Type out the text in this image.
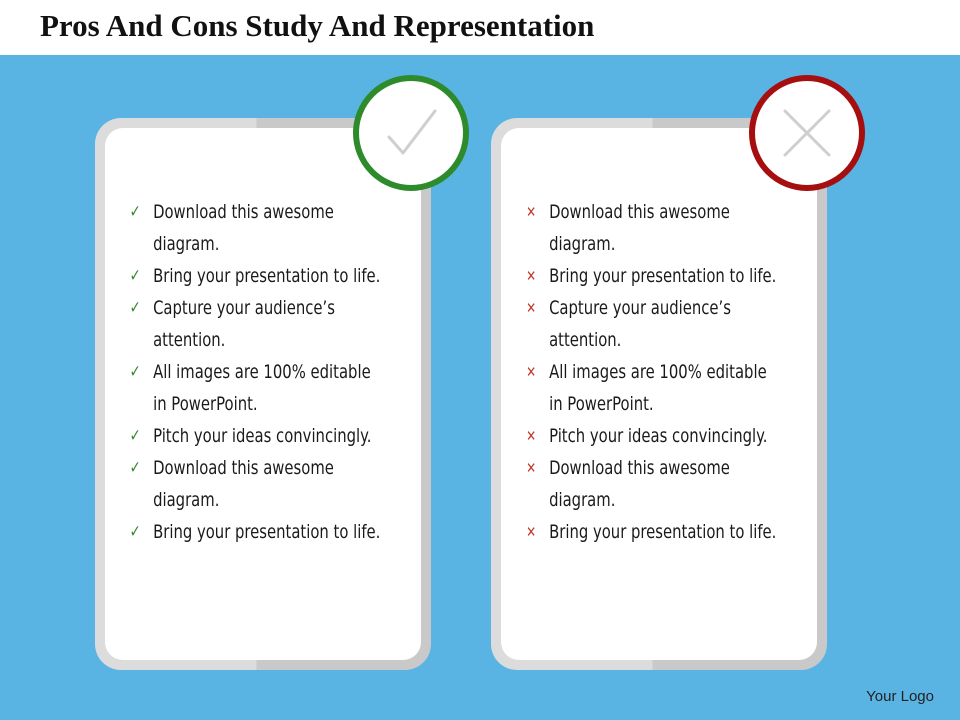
Pros And Cons Study And Representation
✓ Download this awesome diagram.
✓ Bring your presentation to life.
✓ Capture your audience’s attention.
✓ All images are 100% editable in PowerPoint.
✓ Pitch your ideas convincingly.
✓ Download this awesome diagram.
✓ Bring your presentation to life.
✕ Download this awesome diagram.
✕ Bring your presentation to life.
✕ Capture your audience’s attention.
✕ All images are 100% editable in PowerPoint.
✕ Pitch your ideas convincingly.
✕ Download this awesome diagram.
✕ Bring your presentation to life.
Your Logo
